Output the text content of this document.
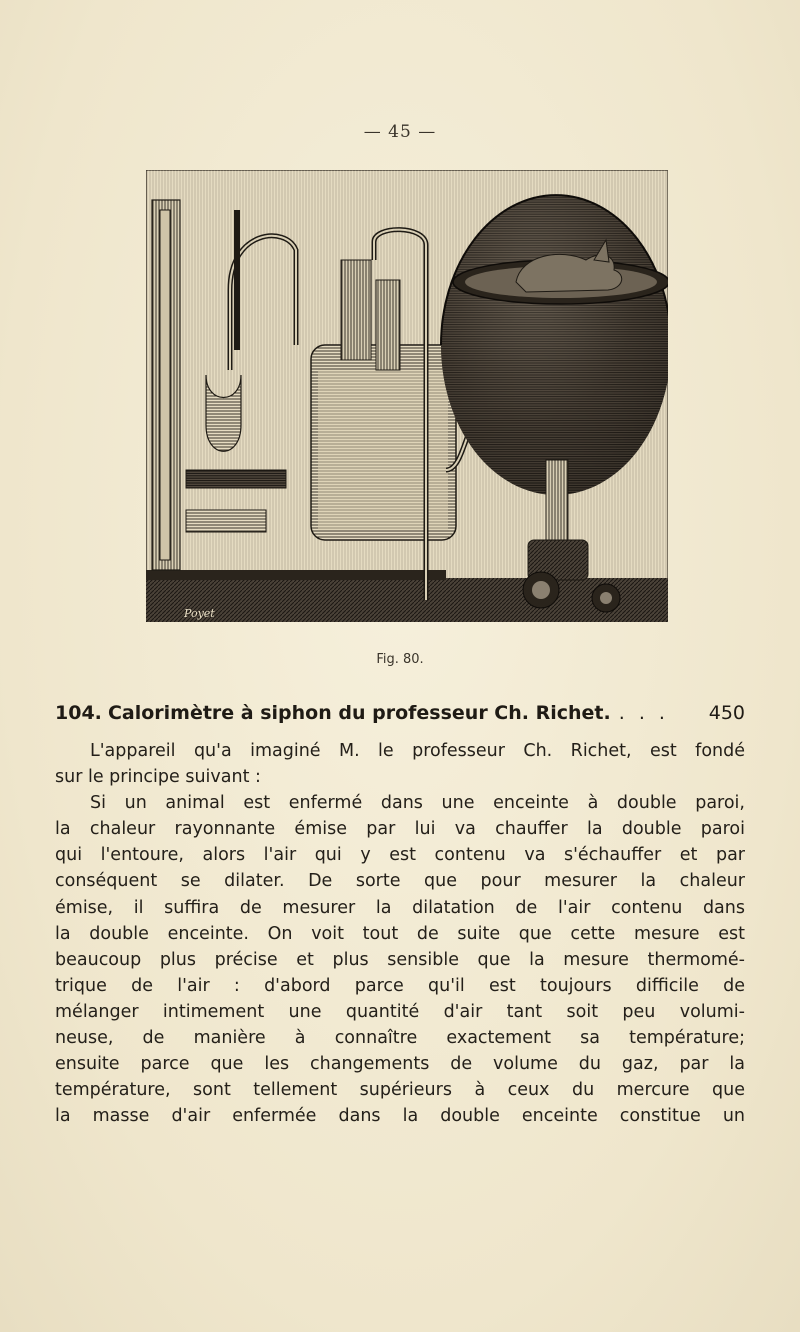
— 45 —
Poyet
Fig. 80.
104. Calorimètre à siphon du professeur Ch. Richet. . . .	450
L'appareil qu'a imaginé M. le professeur Ch. Richet, est fondé
sur le principe suivant :
Si un animal est enfermé dans une enceinte à double paroi,
la chaleur rayonnante émise par lui va chauffer la double paroi
qui l'entoure, alors l'air qui y est contenu va s'échauffer et par
conséquent se dilater. De sorte que pour mesurer la chaleur
émise, il suffira de mesurer la dilatation de l'air contenu dans
la double enceinte. On voit tout de suite que cette mesure est
beaucoup plus précise et plus sensible que la mesure thermomé-
trique de l'air : d'abord parce qu'il est toujours difficile de
mélanger intimement une quantité d'air tant soit peu volumi-
neuse, de manière à connaître exactement sa température;
ensuite parce que les changements de volume du gaz, par la
température, sont tellement supérieurs à ceux du mercure que
la masse d'air enfermée dans la double enceinte constitue un
